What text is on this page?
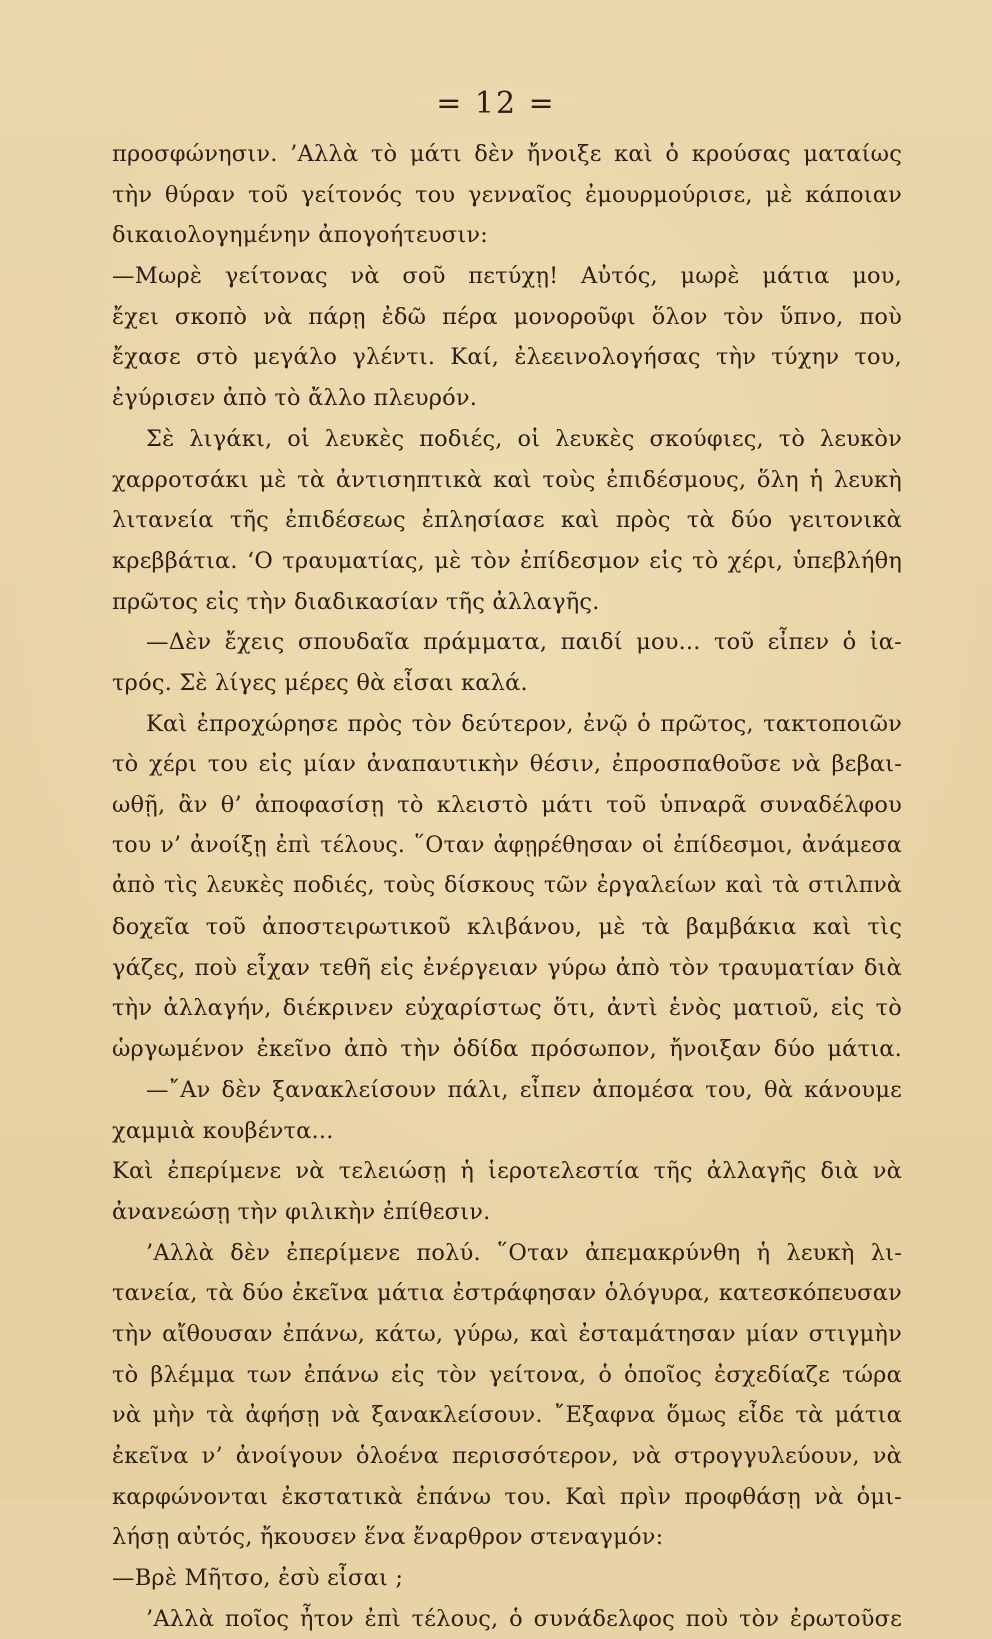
= 12 =
προσφώνησιν. ’Αλλὰ τὸ μάτι δὲν ἤνοιξε καὶ ὁ κρούσας ματαίως
τὴν θύραν τοῦ γείτονός του γενναῖος ἐμουρμούρισε, μὲ κάποιαν
δικαιολογημένην ἀπογοήτευσιν:
—Μωρὲ γείτονας νὰ σοῦ πετύχῃ! Αὐτός, μωρὲ μάτια μου,
ἔχει σκοπὸ νὰ πάρῃ ἐδῶ πέρα μονοροῦφι ὅλον τὸν ὕπνο, ποὺ
ἔχασε στὸ μεγάλο γλέντι. Καί, ἐλεεινολογήσας τὴν τύχην του,
ἐγύρισεν ἀπὸ τὸ ἄλλο πλευρόν.
Σὲ λιγάκι, οἱ λευκὲς ποδιές, οἱ λευκὲς σκούφιες, τὸ λευκὸν
χαρροτσάκι μὲ τὰ ἀντισηπτικὰ καὶ τοὺς ἐπιδέσμους, ὅλη ἡ λευκὴ
λιτανεία τῆς ἐπιδέσεως ἐπλησίασε καὶ πρὸς τὰ δύο γειτονικὰ
κρεββάτια. ‘Ο τραυματίας, μὲ τὸν ἐπίδεσμον εἰς τὸ χέρι, ὑπεβλήθη
πρῶτος εἰς τὴν διαδικασίαν τῆς ἀλλαγῆς.
—Δὲν ἔχεις σπουδαῖα πράμματα, παιδί μου... τοῦ εἶπεν ὁ ἰα-
τρός. Σὲ λίγες μέρες θὰ εἶσαι καλά.
Καὶ ἐπροχώρησε πρὸς τὸν δεύτερον, ἐνῷ ὁ πρῶτος, τακτοποιῶν
τὸ χέρι του εἰς μίαν ἀναπαυτικὴν θέσιν, ἐπροσπαθοῦσε νὰ βεβαι-
ωθῇ, ἂν θ’ ἀποφασίσῃ τὸ κλειστὸ μάτι τοῦ ὑπναρᾶ συναδέλφου
του ν’ ἀνοίξῃ ἐπὶ τέλους. ῞Οταν ἀφῃρέθησαν οἱ ἐπίδεσμοι, ἀνάμεσα
ἀπὸ τὶς λευκὲς ποδιές, τοὺς δίσκους τῶν ἐργαλείων καὶ τὰ στιλπνὰ
δοχεῖα τοῦ ἀποστειρωτικοῦ κλιβάνου, μὲ τὰ βαμβάκια καὶ τὶς
γάζες, ποὺ εἶχαν τεθῆ εἰς ἐνέργειαν γύρω ἀπὸ τὸν τραυματίαν διὰ
τὴν ἀλλαγήν, διέκρινεν εὐχαρίστως ὅτι, ἀντὶ ἑνὸς ματιοῦ, εἰς τὸ
ὡργωμένον ἐκεῖνο ἀπὸ τὴν ὀδίδα πρόσωπον, ἤνοιξαν δύο μάτια.
—῎Αν δὲν ξανακλείσουν πάλι, εἶπεν ἀπομέσα του, θὰ κάνουμε
χαμμιὰ κουβέντα...
Καὶ ἐπερίμενε νὰ τελειώσῃ ἡ ἱεροτελεστία τῆς ἀλλαγῆς διὰ νὰ
ἀνανεώσῃ τὴν φιλικὴν ἐπίθεσιν.
’Αλλὰ δὲν ἐπερίμενε πολύ. ῞Οταν ἀπεμακρύνθη ἡ λευκὴ λι-
τανεία, τὰ δύο ἐκεῖνα μάτια ἐστράφησαν ὁλόγυρα, κατεσκόπευσαν
τὴν αἴθουσαν ἐπάνω, κάτω, γύρω, καὶ ἐσταμάτησαν μίαν στιγμὴν
τὸ βλέμμα των ἐπάνω εἰς τὸν γείτονα, ὁ ὁποῖος ἐσχεδίαζε τώρα
νὰ μὴν τὰ ἀφήσῃ νὰ ξανακλείσουν. ῎Εξαφνα ὅμως εἶδε τὰ μάτια
ἐκεῖνα ν’ ἀνοίγουν ὁλοένα περισσότερον, νὰ στρογγυλεύουν, νὰ
καρφώνονται ἐκστατικὰ ἐπάνω του. Καὶ πρὶν προφθάσῃ νὰ ὁμι-
λήσῃ αὐτός, ἤκουσεν ἕνα ἔναρθρον στεναγμόν:
—Βρὲ Μῆτσο, ἐσὺ εἶσαι ;
’Αλλὰ ποῖος ἦτον ἐπὶ τέλους, ὁ συνάδελφος ποὺ τὸν ἐρωτοῦσε
